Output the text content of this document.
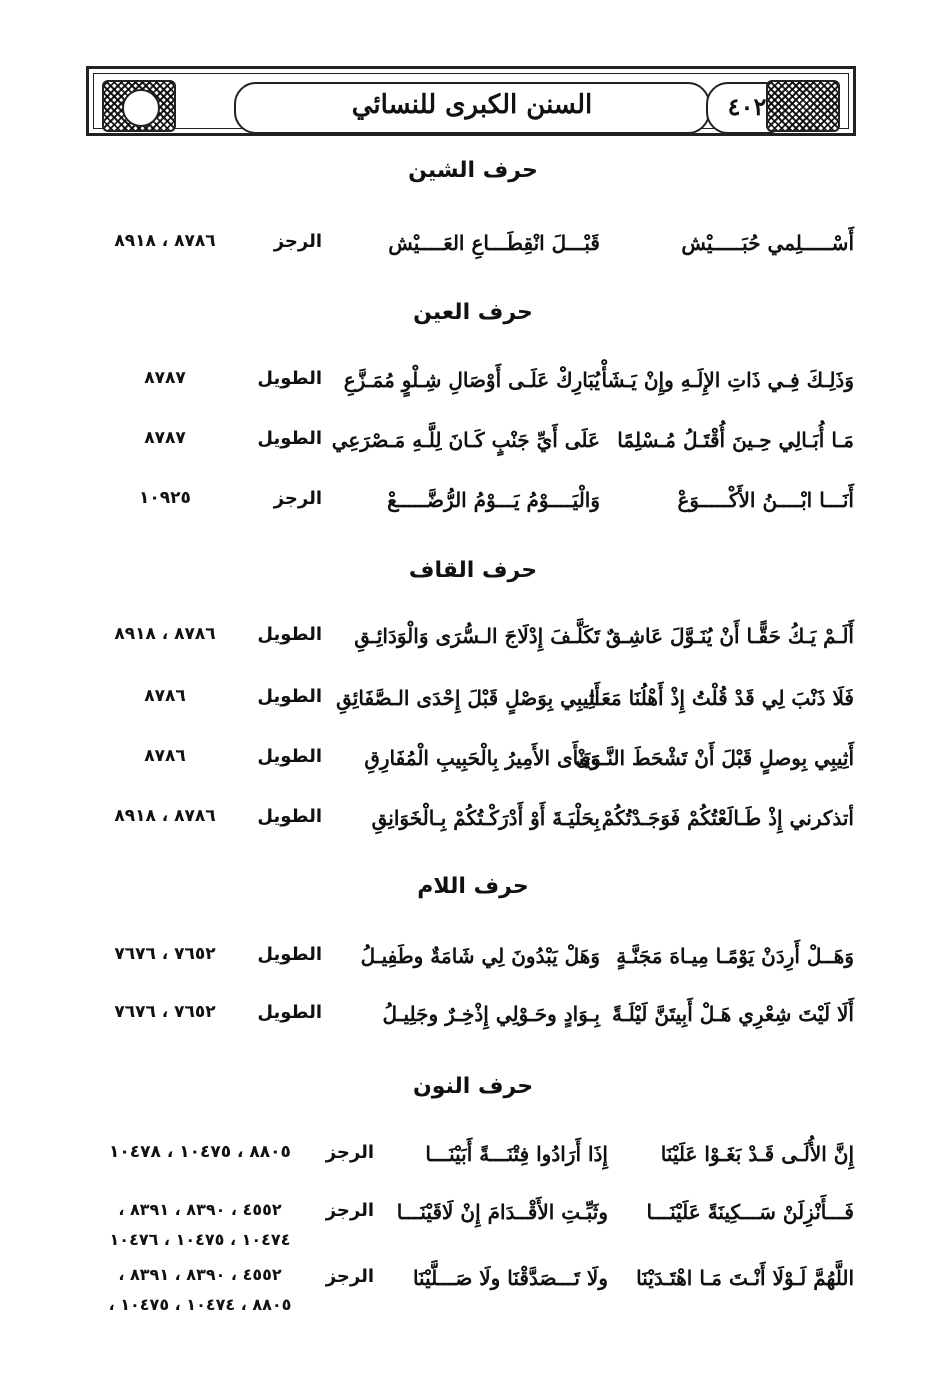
السنن الكبرى للنسائي	٤٠٢
حرف الشين
أَسْـــــلِمي حُبَـــــيْش
قَبْـــلَ انْقِطَـــاعِ العَــــيْش
الرجز
٨٧٨٦ ، ٨٩١٨
حرف العين
وَذَلِـكَ فِـي ذَاتِ الإِلَـهِ وإِنْ يَـشَأْ
يُبَارِكْ عَلَـى أَوْصَالِ شِـلْوٍ مُمَـزَّعِ
الطويل
٨٧٨٧
مَـا أُبَـالِي حِـينَ أُقْتَـلُ مُـسْلِمًا
عَلَى أَيِّ جَنْبٍ كَـانَ لِلَّـهِ مَـصْرَعِي
الطويل
٨٧٨٧
أَنَـــا ابْــــنُ الأَكْـــــوَعْ
وَالْيَــــوْمُ يَـــوْمُ الرُّضَّـــــعْ
الرجز
١٠٩٢٥
حرف القاف
أَلَـمْ يَـكُ حَقًّـا أَنْ يُنَـوَّلَ عَاشِـقٌ
تَكَلَّـفَ إِدْلَاجَ الـسُّرَى وَالْوَدَائِـقِ
الطويل
٨٧٨٦ ، ٨٩١٨
فَلَا ذَنْبَ لِي قَدْ قُلْتُ إِذْ أَهْلُنَا مَعَـا
أَثِيبِي بِوَصْلٍ قَبْلَ إِحْدَى الـصَّفَائِقِ
الطويل
٨٧٨٦
أَثِيبِي بِوصلٍ قَبْلَ أَنْ تَشْحَطَ النَّـوَى
وَيَنْأَى الأَمِيرُ بِالْحَبِيبِ الْمُفَارِقِ
الطويل
٨٧٨٦
أتذكرني إِذْ طَـالَعْتُكُمْ فَوَجَـدْتُكُمْ
بِحَلْيَـةَ أَوْ أَدْرَكْـتُكُمْ بِـالْخَوَانِقِ
الطويل
٨٧٨٦ ، ٨٩١٨
حرف اللام
وَهَــلْ أَرِدَنْ يَوْمًـا مِيـاهَ مَجَنَّـةٍ
وَهَلْ يَبْدُونَ لِي شَامَةٌ وطَفِيـلُ
الطويل
٧٦٥٢ ، ٧٦٧٦
أَلَا لَيْتَ شِعْرِي هَـلْ أَبِيتَنَّ لَيْلَـةً
بِـوَادٍ وحَـوْلِي إِذْخِـرٌ وجَلِيـلُ
الطويل
٧٦٥٢ ، ٧٦٧٦
حرف النون
إِنَّ الأُلَـى قَـدْ بَغَـوْا عَلَيْنَا
إِذَا أَرَادُوا فِتْنَـــةً أَبَيْنَـــا
الرجز
٨٨٠٥ ، ١٠٤٧٥ ، ١٠٤٧٨
فَـــأَنْزِلَنْ سَـــكِينَةً عَلَيْنَـــا
وثَبِّـتِ الأَقْــدَامَ إِنْ لَاقَيْنَـــا
الرجز
٤٥٥٢ ، ٨٣٩٠ ، ٨٣٩١ ،
١٠٤٧٤ ، ١٠٤٧٥ ، ١٠٤٧٦
اللَّهُمَّ لَـوْلَا أَنْـتَ مَـا اهْتَـدَيْنَا
ولَا تَـــصَدَّقْنَا ولَا صَـــلَّيْنَا
الرجز
٤٥٥٢ ، ٨٣٩٠ ، ٨٣٩١ ،
٨٨٠٥ ، ١٠٤٧٤ ، ١٠٤٧٥ ،
